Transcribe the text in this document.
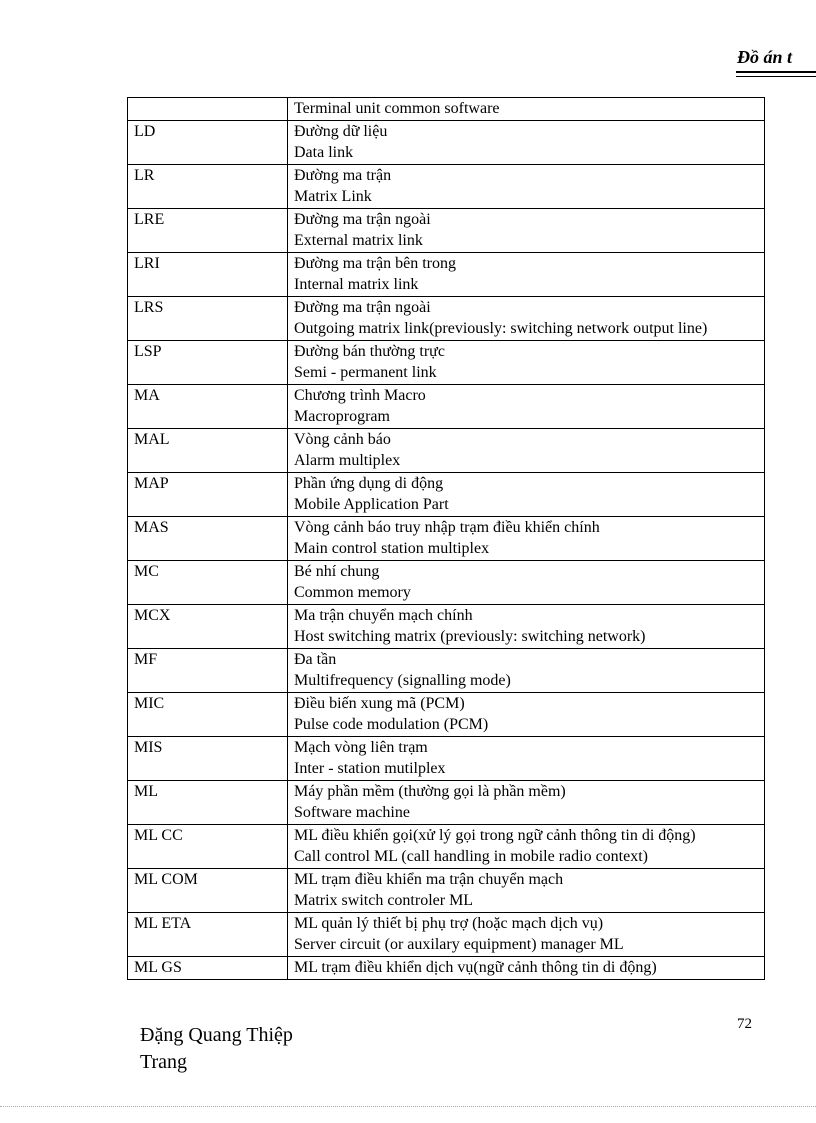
Đồ án t

	Terminal unit common software

LD	Đường dữ liệu
Data link

LR	Đường ma trận
Matrix Link

LRE	Đường ma trận ngoài
External matrix link

LRI	Đường ma trận bên trong
Internal matrix link

LRS	Đường ma trận ngoài
Outgoing matrix link(previously: switching network output line)

LSP	Đường bán thường trực
Semi - permanent link

MA	Chương trình Macro
Macroprogram

MAL	Vòng cảnh báo
Alarm multiplex

MAP	Phần ứng dụng di động
Mobile Application Part

MAS	Vòng cảnh báo truy nhập trạm điều khiển chính
Main control station multiplex

MC	Bé nhí chung
Common memory

MCX	Ma trận chuyển mạch chính
Host switching matrix (previously: switching network)

MF	Đa tần
Multifrequency (signalling mode)

MIC	Điều biến xung mã (PCM)
Pulse code modulation (PCM)

MIS	Mạch vòng liên trạm
Inter - station mutilplex

ML	Máy phần mềm (thường gọi là phần mềm)
Software machine

ML CC	ML điều khiển gọi(xử lý gọi trong ngữ cảnh thông tin di động)
Call control ML (call handling in mobile radio context)

ML COM	ML trạm điều khiển ma trận chuyển mạch
Matrix switch controler ML

ML ETA	ML quản lý thiết bị phụ trợ (hoặc mạch dịch vụ)
Server circuit (or auxilary equipment) manager ML

ML GS	ML trạm điều khiển dịch vụ(ngữ cảnh thông tin di động)
Đặng Quang Thiệp
Trang
72
